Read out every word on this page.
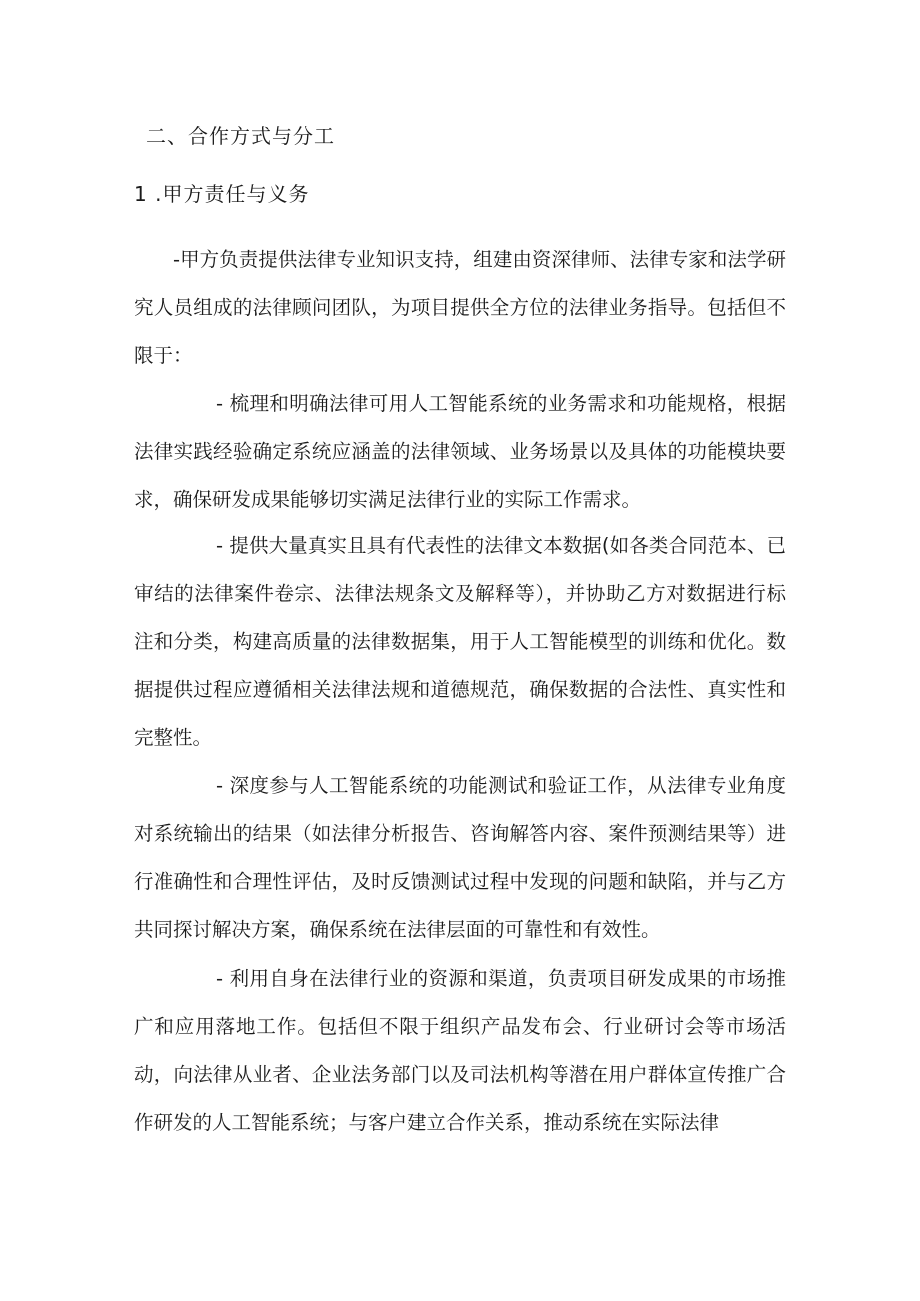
二、合作方式与分工
1 .甲方责任与义务

-甲方负责提供法律专业知识支持，组建由资深律师、法律专家和法学研究人员组成的法律顾问团队，为项目提供全方位的法律业务指导。包括但不限于：

- 梳理和明确法律可用人工智能系统的业务需求和功能规格，根据法律实践经验确定系统应涵盖的法律领域、业务场景以及具体的功能模块要求，确保研发成果能够切实满足法律行业的实际工作需求。

- 提供大量真实且具有代表性的法律文本数据(如各类合同范本、已审结的法律案件卷宗、法律法规条文及解释等），并协助乙方对数据进行标注和分类，构建高质量的法律数据集，用于人工智能模型的训练和优化。数据提供过程应遵循相关法律法规和道德规范，确保数据的合法性、真实性和完整性。

- 深度参与人工智能系统的功能测试和验证工作，从法律专业角度对系统输出的结果（如法律分析报告、咨询解答内容、案件预测结果等）进行准确性和合理性评估，及时反馈测试过程中发现的问题和缺陷，并与乙方共同探讨解决方案，确保系统在法律层面的可靠性和有效性。

- 利用自身在法律行业的资源和渠道，负责项目研发成果的市场推广和应用落地工作。包括但不限于组织产品发布会、行业研讨会等市场活动，向法律从业者、企业法务部门以及司法机构等潜在用户群体宣传推广合作研发的人工智能系统；与客户建立合作关系，推动系统在实际法律
